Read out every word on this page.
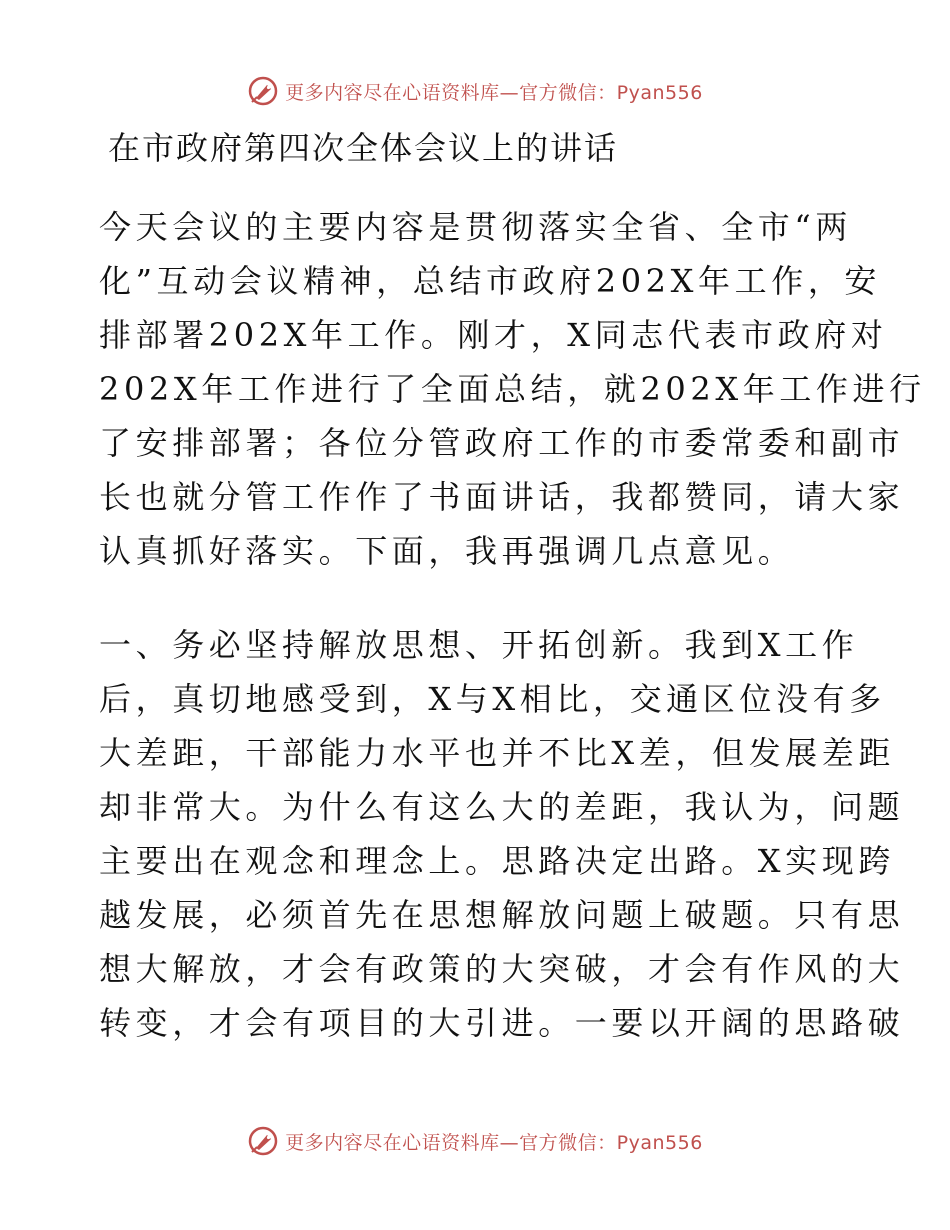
更多内容尽在心语资料库—官方微信：Pyan556
在市政府第四次全体会议上的讲话
今天会议的主要内容是贯彻落实全省、全市“两
化”互动会议精神，总结市政府202X年工作，安
排部署202X年工作。刚才，X同志代表市政府对
202X年工作进行了全面总结，就202X年工作进行
了安排部署；各位分管政府工作的市委常委和副市
长也就分管工作作了书面讲话，我都赞同，请大家
认真抓好落实。下面，我再强调几点意见。
一、务必坚持解放思想、开拓创新。我到X工作
后，真切地感受到，X与X相比，交通区位没有多
大差距，干部能力水平也并不比X差，但发展差距
却非常大。为什么有这么大的差距，我认为，问题
主要出在观念和理念上。思路决定出路。X实现跨
越发展，必须首先在思想解放问题上破题。只有思
想大解放，才会有政策的大突破，才会有作风的大
转变，才会有项目的大引进。一要以开阔的思路破
更多内容尽在心语资料库—官方微信：Pyan556
